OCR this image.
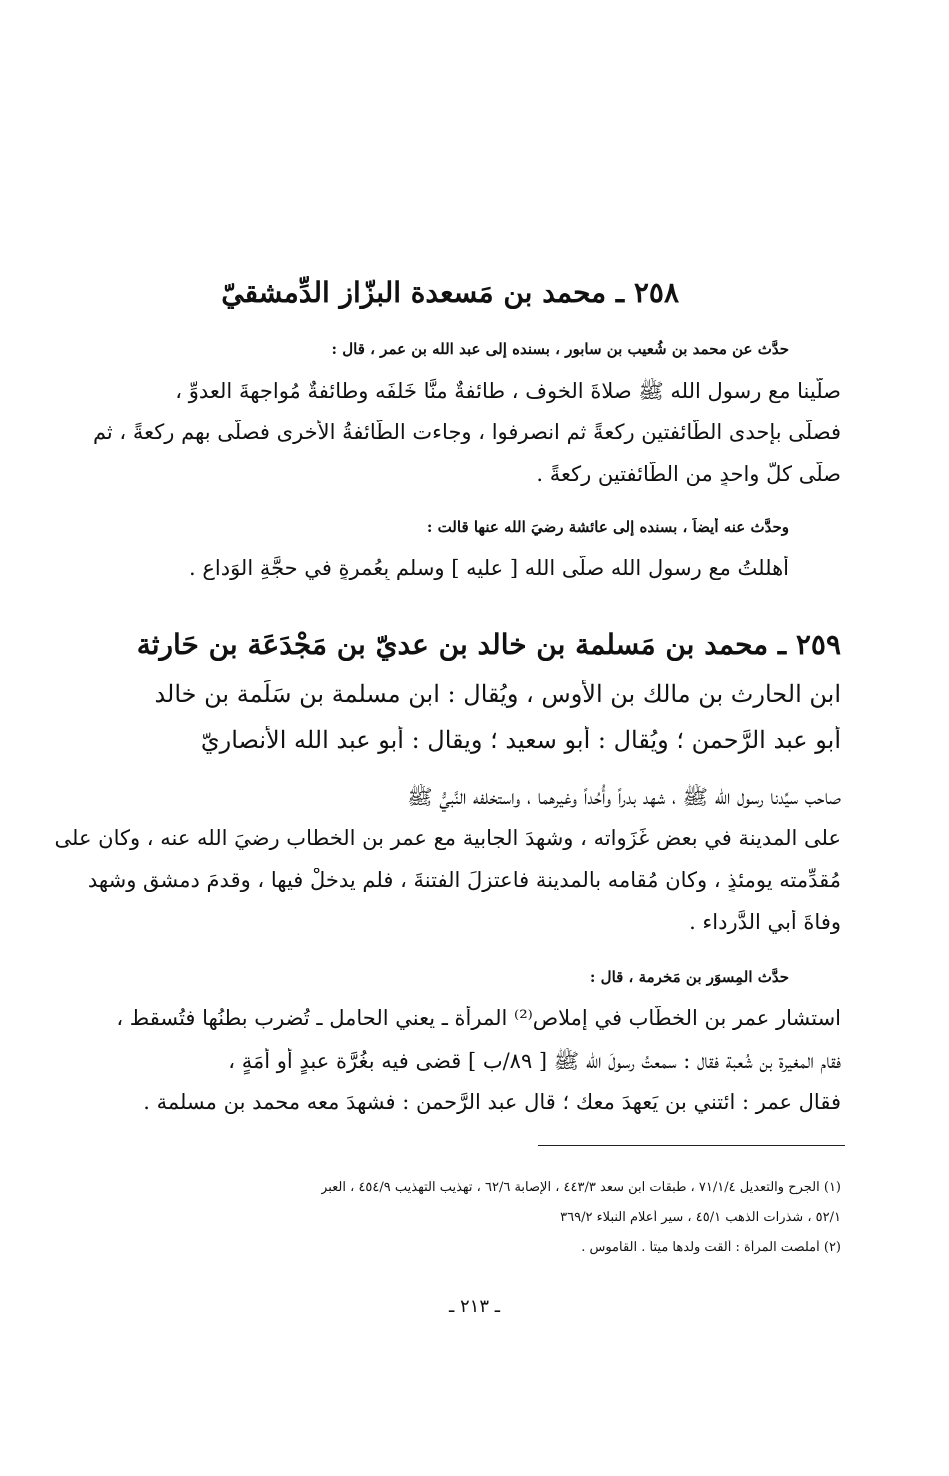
٢٥٨ ـ محمد بن مَسعدة البزّاز الدِّمشقيّ
حدَّث عن محمد بن شُعيب بن سابور ، بسنده إلى عبد الله بن عمر ، قال :
صلَّينا مع رسول الله ﷺ صلاةَ الخوف ، طائفةٌ منَّا خَلفَه وطائفةٌ مُواجهةَ العدوِّ ،
فصلَّى بإحدى الطَّائفتين ركعةً ثم انصرفوا ، وجاءت الطَّائفةُ الأُخرى فصلَّى بهم ركعةً ، ثم
صلَّى كلُّ واحدٍ من الطَّائفتين ركعةً .
وحدَّث عنه أيضاً ، بسنده إلى عائشة رضيَ الله عنها قالت :
أهللتُ مع رسول الله صلَّى الله [ عليه ] وسلم بِعُمرةٍ في حجَّةِ الوَداع .
٢٥٩ ـ محمد بن مَسلمة بن خالد بن عديّ بن مَجْدَعَة بن حَارثة
ابن الحارث بن مالك بن الأَوس ، ويُقال : ابن مسلمة بن سَلَمة بن خالد
أبو عبد الرَّحمن ؛ ويُقال : أبو سعيد ؛ ويقال : أبو عبد الله الأنصاريّ
صاحب سيِّدنا رسول الله ﷺ ، شهد بدراً وأُحُداً وغيرهما ، واستخلفه النَّبيُّ ﷺ
على المدينة في بعض غَزَواته ، وشهدَ الجابية مع عمر بن الخطاب رضيَ الله عنه ، وكان على
مُقدِّمته يومئذٍ ، وكان مُقامه بالمدينة فاعتزلَ الفتنةَ ، فلم يدخلْ فيها ، وقدمَ دمشق وشهد
وفاةَ أبي الدَّرداء .
حدَّث المِسوَر بن مَخرمة ، قال :
استشار عمر بن الخطَّاب في إملاص⁽²⁾ المرأة ـ يعني الحامل ـ تُضرب بطنُها فتُسقط ،
فقام المغيرة بن شُعبة فقال : سمعتُ رسولَ الله ﷺ [ ٨٩/ب ] قضى فيه بغُرَّة عبدٍ أو أَمَةٍ ،
فقال عمر : ائتني بن يَعهدَ معك ؛ قال عبد الرَّحمن : فشهدَ معه محمد بن مسلمة .
(١) الجرح والتعديل ٧١/١/٤ ، طبقات ابن سعد ٤٤٣/٣ ، الإصابة ٦٢/٦ ، تهذيب التهذيب ٤٥٤/٩ ، العبر
٥٢/١ ، شذرات الذهب ٤٥/١ ، سير أعلام النبلاء ٣٦٩/٢
(٢) أملصت المرأة : ألقت ولدها ميتاً . القاموس .
ـ ٢١٣ ـ
